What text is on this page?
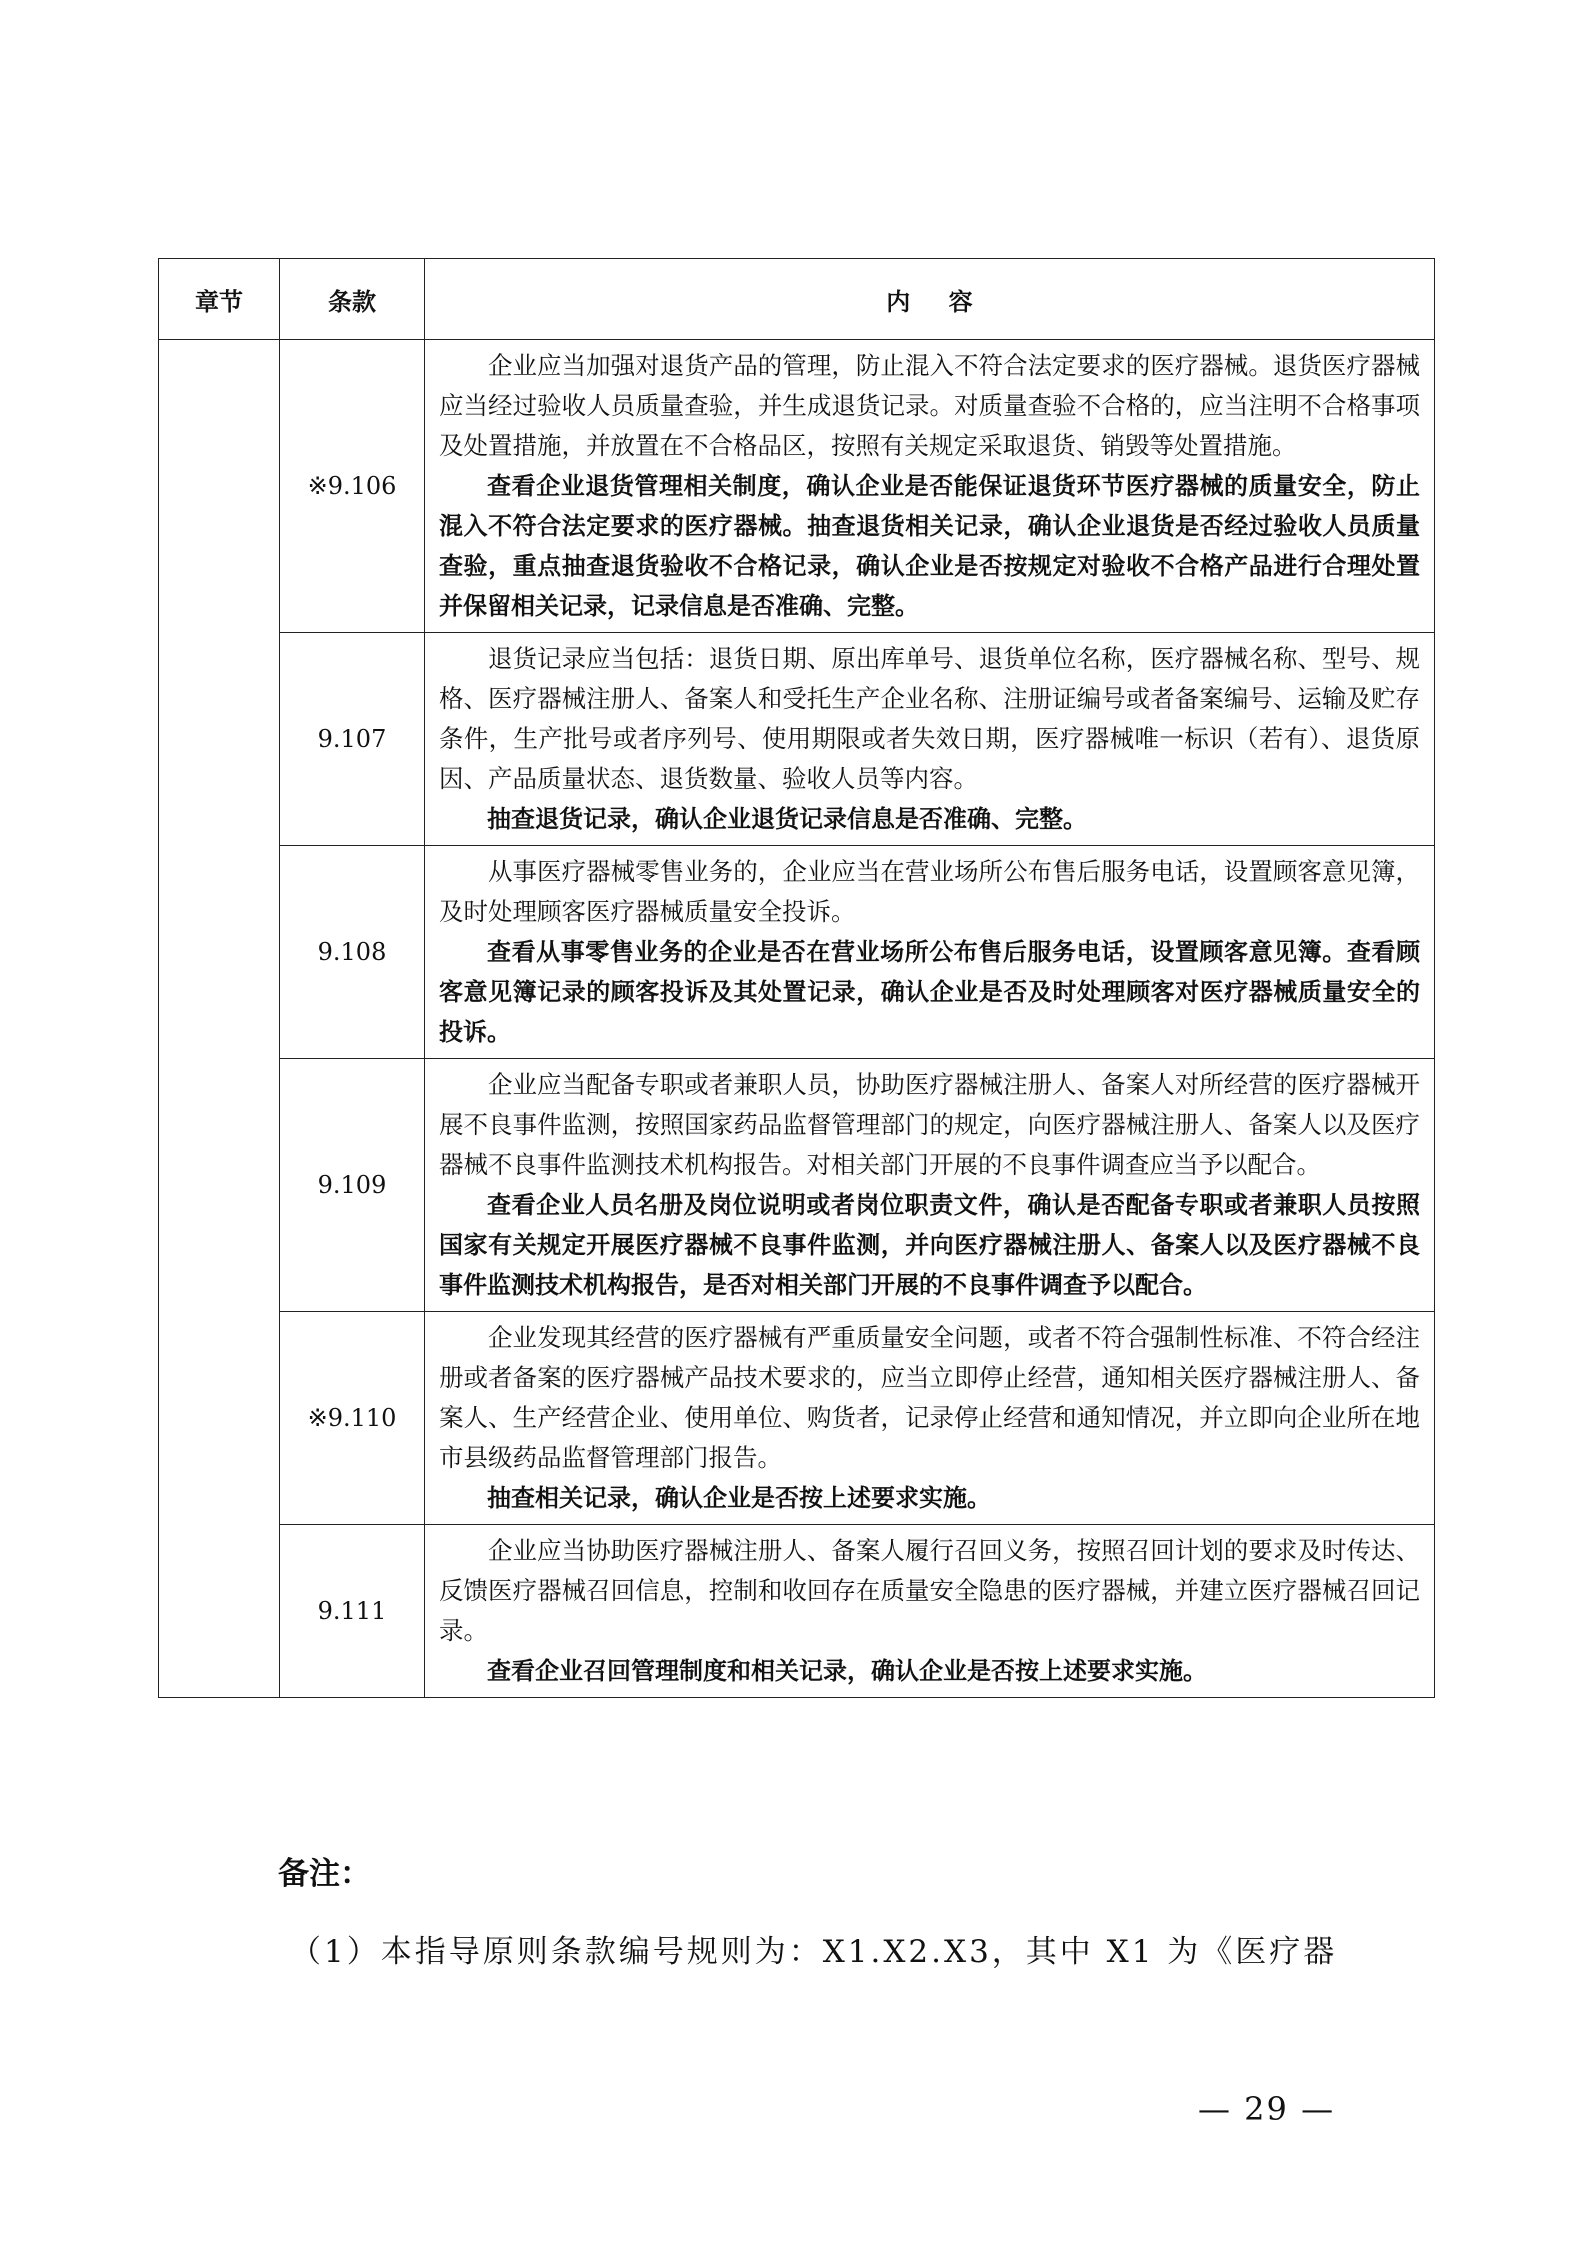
章节	条款	内容
	※9.106	企业应当加强对退货产品的管理，防止混入不符合法定要求的医疗器械。退货医疗器械应当经过验收人员质量查验，并生成退货记录。对质量查验不合格的，应当注明不合格事项及处置措施，并放置在不合格品区，按照有关规定采取退货、销毁等处置措施。

查看企业退货管理相关制度，确认企业是否能保证退货环节医疗器械的质量安全，防止混入不符合法定要求的医疗器械。抽查退货相关记录，确认企业退货是否经过验收人员质量查验，重点抽查退货验收不合格记录，确认企业是否按规定对验收不合格产品进行合理处置并保留相关记录，记录信息是否准确、完整。

	9.107	退货记录应当包括：退货日期、原出库单号、退货单位名称，医疗器械名称、型号、规格、医疗器械注册人、备案人和受托生产企业名称、注册证编号或者备案编号、运输及贮存条件，生产批号或者序列号、使用期限或者失效日期，医疗器械唯一标识（若有）、退货原因、产品质量状态、退货数量、验收人员等内容。

抽查退货记录，确认企业退货记录信息是否准确、完整。

	9.108	从事医疗器械零售业务的，企业应当在营业场所公布售后服务电话，设置顾客意见簿，及时处理顾客医疗器械质量安全投诉。

查看从事零售业务的企业是否在营业场所公布售后服务电话，设置顾客意见簿。查看顾客意见簿记录的顾客投诉及其处置记录，确认企业是否及时处理顾客对医疗器械质量安全的投诉。

	9.109	企业应当配备专职或者兼职人员，协助医疗器械注册人、备案人对所经营的医疗器械开展不良事件监测，按照国家药品监督管理部门的规定，向医疗器械注册人、备案人以及医疗器械不良事件监测技术机构报告。对相关部门开展的不良事件调查应当予以配合。

查看企业人员名册及岗位说明或者岗位职责文件，确认是否配备专职或者兼职人员按照国家有关规定开展医疗器械不良事件监测，并向医疗器械注册人、备案人以及医疗器械不良事件监测技术机构报告，是否对相关部门开展的不良事件调查予以配合。

	※9.110	企业发现其经营的医疗器械有严重质量安全问题，或者不符合强制性标准、不符合经注册或者备案的医疗器械产品技术要求的，应当立即停止经营，通知相关医疗器械注册人、备案人、生产经营企业、使用单位、购货者，记录停止经营和通知情况，并立即向企业所在地市县级药品监督管理部门报告。

抽查相关记录，确认企业是否按上述要求实施。

	9.111	企业应当协助医疗器械注册人、备案人履行召回义务，按照召回计划的要求及时传达、反馈医疗器械召回信息，控制和收回存在质量安全隐患的医疗器械，并建立医疗器械召回记录。

查看企业召回管理制度和相关记录，确认企业是否按上述要求实施。

备注：

（1）本指导原则条款编号规则为：X1.X2.X3，其中 X1 为《医疗器

— 29 —
